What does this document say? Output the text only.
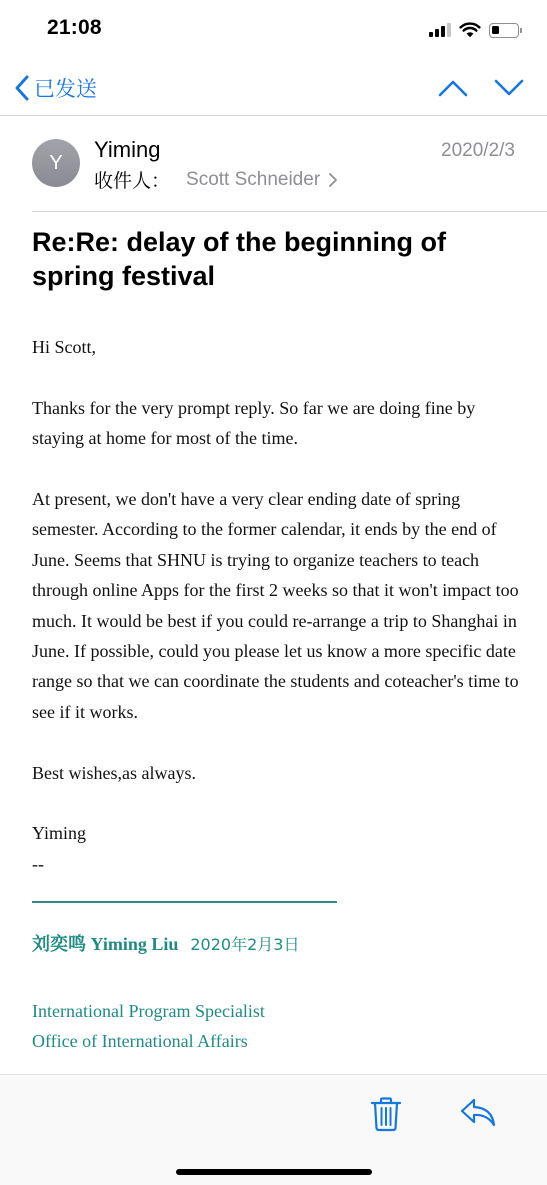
21:08
已发送
Y
Yiming	2020/2/3
收件人： Scott Schneider
Re:Re: delay of the beginning of spring festival
Hi Scott,
Thanks for the very prompt reply. So far we are doing fine by staying at home for most of the time.
At present, we don't have a very clear ending date of spring semester. According to the former calendar, it ends by the end of June. Seems that SHNU is trying to organize teachers to teach through online Apps for the first 2 weeks so that it won't impact too much. It would be best if you could re-arrange a trip to Shanghai in June. If possible, could you please let us know a more specific date range so that we can coordinate the students and coteacher's time to see if it works.
Best wishes,as always.
Yiming
--
刘奕鸣 Yiming Liu 2020年2月3日
International Program Specialist
Office of International Affairs
